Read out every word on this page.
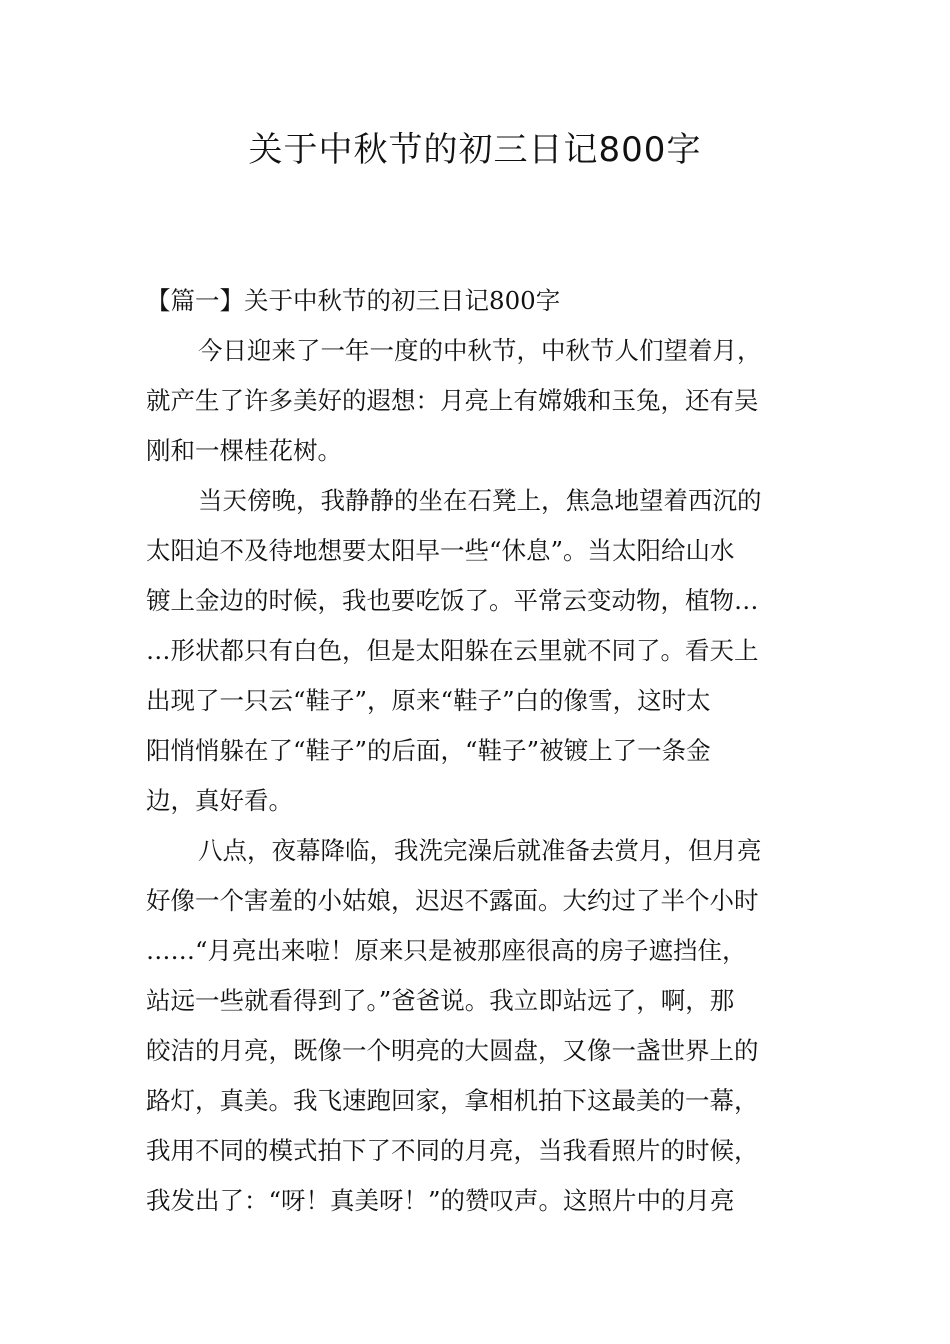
关于中秋节的初三日记800字
【篇一】关于中秋节的初三日记800字
今日迎来了一年一度的中秋节，中秋节人们望着月，
就产生了许多美好的遐想：月亮上有嫦娥和玉兔，还有吴
刚和一棵桂花树。
当天傍晚，我静静的坐在石凳上，焦急地望着西沉的
太阳迫不及待地想要太阳早一些“休息”。当太阳给山水
镀上金边的时候，我也要吃饭了。平常云变动物，植物…
…形状都只有白色，但是太阳躲在云里就不同了。看天上
出现了一只云“鞋子”，原来“鞋子”白的像雪，这时太
阳悄悄躲在了“鞋子”的后面，“鞋子”被镀上了一条金
边，真好看。
八点，夜幕降临，我洗完澡后就准备去赏月，但月亮
好像一个害羞的小姑娘，迟迟不露面。大约过了半个小时
……“月亮出来啦！原来只是被那座很高的房子遮挡住，
站远一些就看得到了。”爸爸说。我立即站远了，啊，那
皎洁的月亮，既像一个明亮的大圆盘，又像一盏世界上的
路灯，真美。我飞速跑回家，拿相机拍下这最美的一幕，
我用不同的模式拍下了不同的月亮，当我看照片的时候，
我发出了：“呀！真美呀！”的赞叹声。这照片中的月亮
